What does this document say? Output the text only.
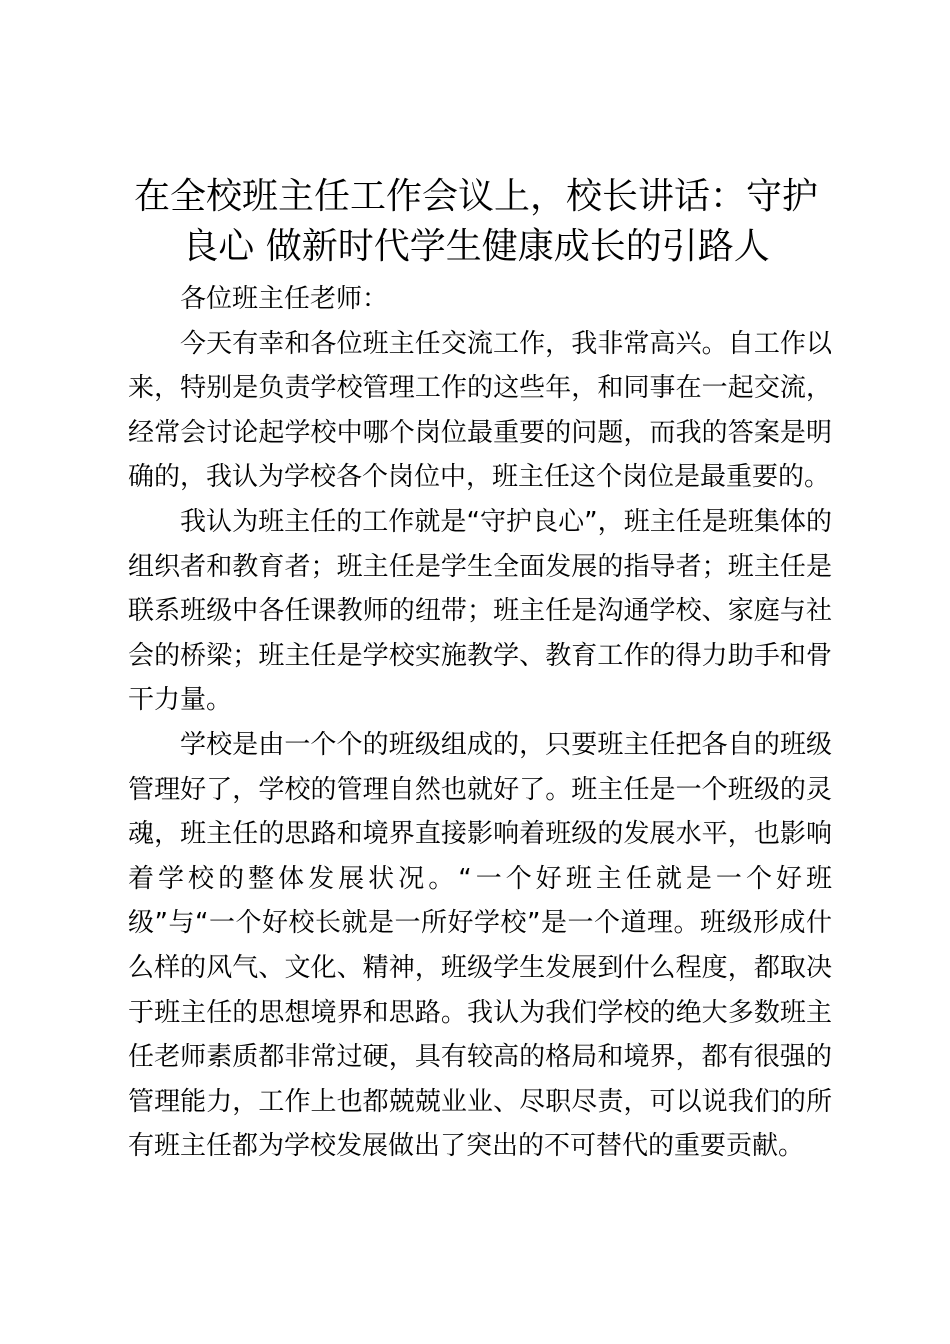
在全校班主任工作会议上，校长讲话：守护良心 做新时代学生健康成长的引路人

各位班主任老师：

今天有幸和各位班主任交流工作，我非常高兴。自工作以来，特别是负责学校管理工作的这些年，和同事在一起交流，经常会讨论起学校中哪个岗位最重要的问题，而我的答案是明确的，我认为学校各个岗位中，班主任这个岗位是最重要的。

我认为班主任的工作就是“守护良心”，班主任是班集体的组织者和教育者；班主任是学生全面发展的指导者；班主任是联系班级中各任课教师的纽带；班主任是沟通学校、家庭与社会的桥梁；班主任是学校实施教学、教育工作的得力助手和骨干力量。

学校是由一个个的班级组成的，只要班主任把各自的班级管理好了，学校的管理自然也就好了。班主任是一个班级的灵魂，班主任的思路和境界直接影响着班级的发展水平，也影响着学校的整体发展状况。“一个好班主任就是一个好班级”与“一个好校长就是一所好学校”是一个道理。班级形成什么样的风气、文化、精神，班级学生发展到什么程度，都取决于班主任的思想境界和思路。我认为我们学校的绝大多数班主任老师素质都非常过硬，具有较高的格局和境界，都有很强的管理能力，工作上也都兢兢业业、尽职尽责，可以说我们的所有班主任都为学校发展做出了突出的不可替代的重要贡献。
